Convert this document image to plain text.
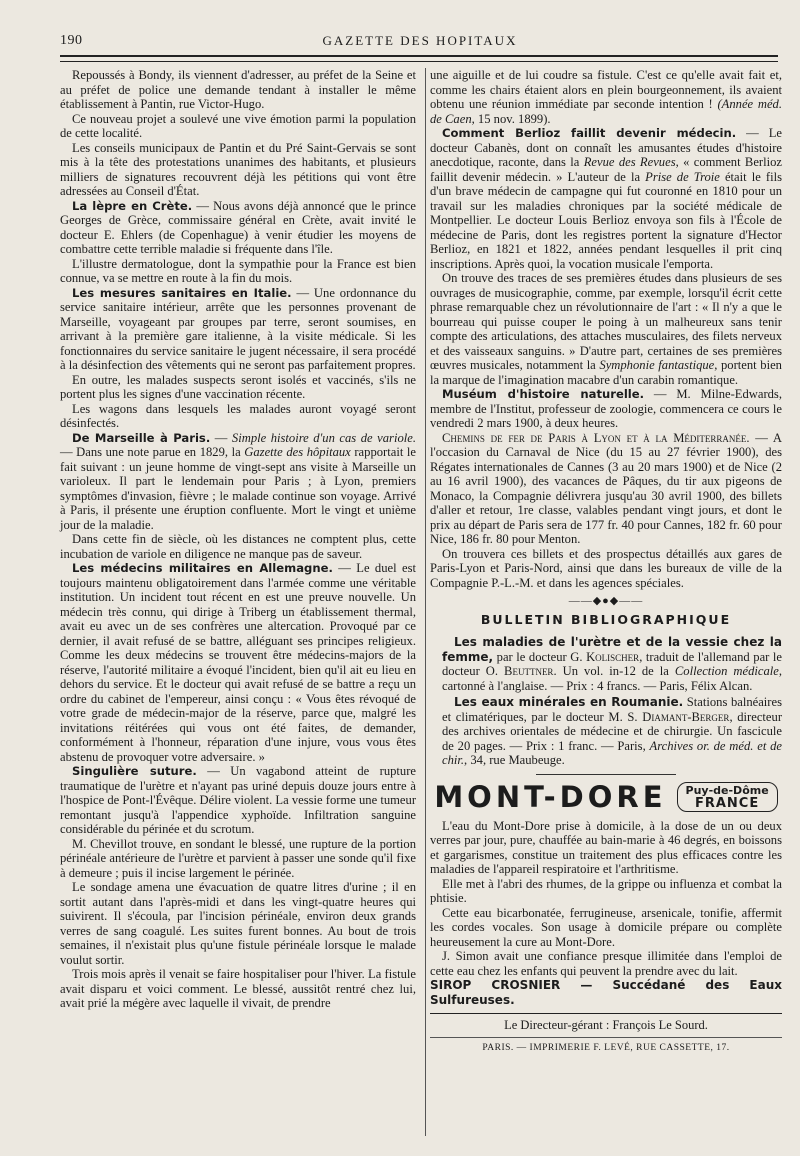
190	GAZETTE DES HOPITAUX

Repoussés à Bondy, ils viennent d'adresser, au préfet de la Seine et au préfet de police une demande tendant à installer le même établissement à Pantin, rue Victor-Hugo.

Ce nouveau projet a soulevé une vive émotion parmi la population de cette localité.

Les conseils municipaux de Pantin et du Pré Saint-Gervais se sont mis à la tête des protestations unanimes des habitants, et plusieurs milliers de signatures recouvrent déjà les pétitions qui vont être adressées au Conseil d'État.

La lèpre en Crète. — Nous avons déjà annoncé que le prince Georges de Grèce, commissaire général en Crète, avait invité le docteur E. Ehlers (de Copenhague) à venir étudier les moyens de combattre cette terrible maladie si fréquente dans l'île.

L'illustre dermatologue, dont la sympathie pour la France est bien connue, va se mettre en route à la fin du mois.

Les mesures sanitaires en Italie. — Une ordonnance du service sanitaire intérieur, arrête que les personnes provenant de Marseille, voyageant par groupes par terre, seront soumises, en arrivant à la première gare italienne, à la visite médicale. Si les fonctionnaires du service sanitaire le jugent nécessaire, il sera procédé à la désinfection des vêtements qui ne seront pas parfaitement propres.

En outre, les malades suspects seront isolés et vaccinés, s'ils ne portent plus les signes d'une vaccination récente.

Les wagons dans lesquels les malades auront voyagé seront désinfectés.

De Marseille à Paris. — Simple histoire d'un cas de variole. — Dans une note parue en 1829, la Gazette des hôpitaux rapportait le fait suivant : un jeune homme de vingt-sept ans visite à Marseille un varioleux. Il part le lendemain pour Paris ; à Lyon, premiers symptômes d'invasion, fièvre ; le malade continue son voyage. Arrivé à Paris, il présente une éruption confluente. Mort le vingt et unième jour de la maladie.

Dans cette fin de siècle, où les distances ne comptent plus, cette incubation de variole en diligence ne manque pas de saveur.

Les médecins militaires en Allemagne. — Le duel est toujours maintenu obligatoirement dans l'armée comme une véritable institution. Un incident tout récent en est une preuve nouvelle. Un médecin très connu, qui dirige à Triberg un établissement thermal, avait eu avec un de ses confrères une altercation. Provoqué par ce dernier, il avait refusé de se battre, alléguant ses principes religieux. Comme les deux médecins se trouvent être médecins-majors de la réserve, l'autorité militaire a évoqué l'incident, bien qu'il ait eu lieu en dehors du service. Et le docteur qui avait refusé de se battre a reçu un ordre du cabinet de l'empereur, ainsi conçu : « Vous êtes révoqué de votre grade de médecin-major de la réserve, parce que, malgré les invitations réitérées qui vous ont été faites, de demander, conformément à l'honneur, réparation d'une injure, vous vous êtes abstenu de provoquer votre adversaire. »

Singulière suture. — Un vagabond atteint de rupture traumatique de l'urètre et n'ayant pas uriné depuis douze jours entre à l'hospice de Pont-l'Évêque. Délire violent. La vessie forme une tumeur remontant jusqu'à l'appendice xyphoïde. Infiltration sanguine considérable du périnée et du scrotum.

M. Chevillot trouve, en sondant le blessé, une rupture de la portion périnéale antérieure de l'urètre et parvient à passer une sonde qu'il fixe à demeure ; puis il incise largement le périnée.

Le sondage amena une évacuation de quatre litres d'urine ; il en sortit autant dans l'après-midi et dans les vingt-quatre heures qui suivirent. Il s'écoula, par l'incision périnéale, environ deux grands verres de sang coagulé. Les suites furent bonnes. Au bout de trois semaines, il n'existait plus qu'une fistule périnéale lorsque le malade voulut sortir.

Trois mois après il venait se faire hospitaliser pour l'hiver. La fistule avait disparu et voici comment. Le blessé, aussitôt rentré chez lui, avait prié la mégère avec laquelle il vivait, de prendre

une aiguille et de lui coudre sa fistule. C'est ce qu'elle avait fait et, comme les chairs étaient alors en plein bourgeonnement, ils avaient obtenu une réunion immédiate par seconde intention ! (Année méd. de Caen, 15 nov. 1899).

Comment Berlioz faillit devenir médecin. — Le docteur Cabanès, dont on connaît les amusantes études d'histoire anecdotique, raconte, dans la Revue des Revues, « comment Berlioz faillit devenir médecin. » L'auteur de la Prise de Troie était le fils d'un brave médecin de campagne qui fut couronné en 1810 pour un travail sur les maladies chroniques par la société médicale de Montpellier. Le docteur Louis Berlioz envoya son fils à l'École de médecine de Paris, dont les registres portent la signature d'Hector Berlioz, en 1821 et 1822, années pendant lesquelles il prit cinq inscriptions. Après quoi, la vocation musicale l'emporta.

On trouve des traces de ses premières études dans plusieurs de ses ouvrages de musicographie, comme, par exemple, lorsqu'il écrit cette phrase remarquable chez un révolutionnaire de l'art : « Il n'y a que le bourreau qui puisse couper le poing à un malheureux sans tenir compte des articulations, des attaches musculaires, des filets nerveux et des vaisseaux sanguins. » D'autre part, certaines de ses premières œuvres musicales, notamment la Symphonie fantastique, portent bien la marque de l'imagination macabre d'un carabin romantique.

Muséum d'histoire naturelle. — M. Milne-Edwards, membre de l'Institut, professeur de zoologie, commencera ce cours le vendredi 2 mars 1900, à deux heures.

Chemins de fer de Paris à Lyon et à la Méditerranée. — A l'occasion du Carnaval de Nice (du 15 au 27 février 1900), des Régates internationales de Cannes (3 au 20 mars 1900) et de Nice (2 au 16 avril 1900), des vacances de Pâques, du tir aux pigeons de Monaco, la Compagnie délivrera jusqu'au 30 avril 1900, des billets d'aller et retour, 1re classe, valables pendant vingt jours, et dont le prix au départ de Paris sera de 177 fr. 40 pour Cannes, 182 fr. 60 pour Nice, 186 fr. 80 pour Menton.

On trouvera ces billets et des prospectus détaillés aux gares de Paris-Lyon et Paris-Nord, ainsi que dans les bureaux de ville de la Compagnie P.-L.-M. et dans les agences spéciales.

——◆●◆——
BULLETIN BIBLIOGRAPHIQUE

Les maladies de l'urètre et de la vessie chez la femme, par le docteur G. Kolischer, traduit de l'allemand par le docteur O. Beuttner. Un vol. in-12 de la Collection médicale, cartonné à l'anglaise. — Prix : 4 francs. — Paris, Félix Alcan.

Les eaux minérales en Roumanie. Stations balnéaires et climatériques, par le docteur M. S. Diamant-Berger, directeur des archives orientales de médecine et de chirurgie. Un fascicule de 20 pages. — Prix : 1 franc. — Paris, Archives or. de méd. et de chir., 34, rue Maubeuge.

MONT-DORE Puy-de-Dôme
FRANCE

L'eau du Mont-Dore prise à domicile, à la dose de un ou deux verres par jour, pure, chauffée au bain-marie à 46 degrés, en boissons et gargarismes, constitue un traitement des plus efficaces contre les maladies de l'appareil respiratoire et l'arthritisme.

Elle met à l'abri des rhumes, de la grippe ou influenza et combat la phtisie.

Cette eau bicarbonatée, ferrugineuse, arsenicale, tonifie, affermit les cordes vocales. Son usage à domicile prépare ou complète heureusement la cure au Mont-Dore.

J. Simon avait une confiance presque illimitée dans l'emploi de cette eau chez les enfants qui peuvent la prendre avec du lait.

SIROP CROSNIER — Succédané des Eaux Sulfureuses.

Le Directeur-gérant : François Le Sourd.
PARIS. — IMPRIMERIE F. LEVÉ, RUE CASSETTE, 17.
